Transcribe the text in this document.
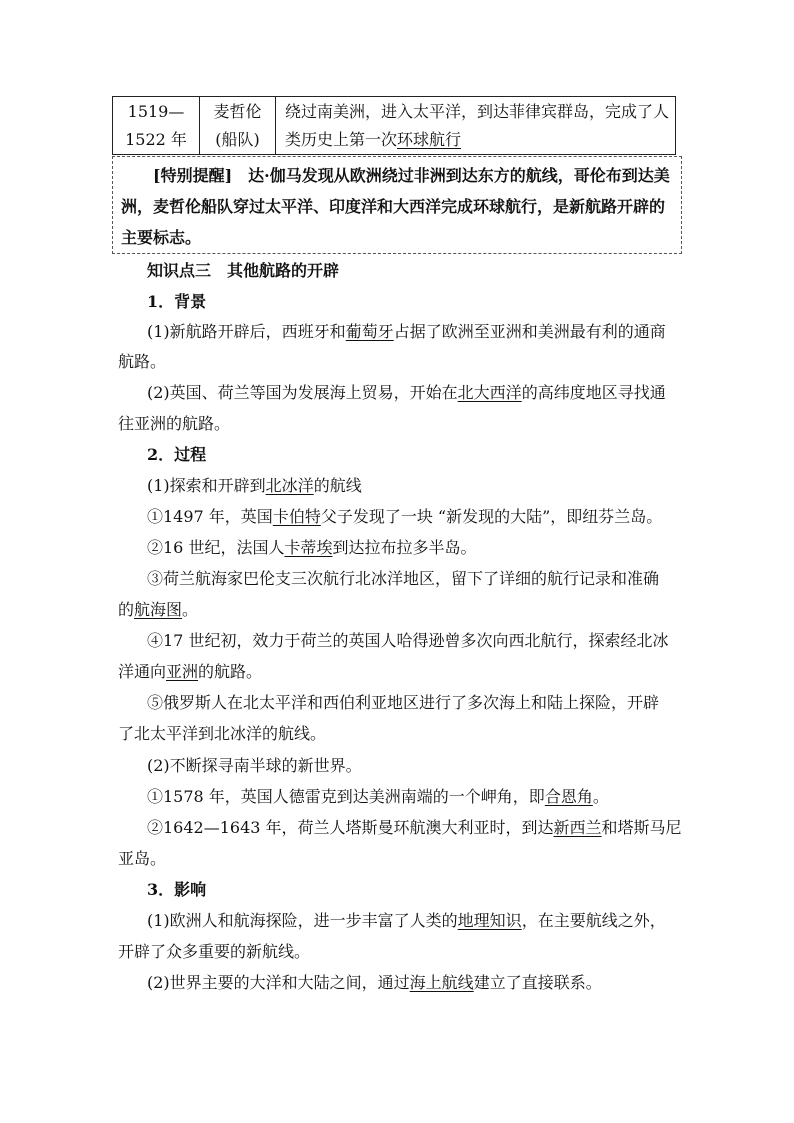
1519—
1522 年
麦哲伦
(船队)
绕过南美洲，进入太平洋，到达菲律宾群岛，完成了人
类历史上第一次环球航行
[特别提醒]  达·伽马发现从欧洲绕过非洲到达东方的航线，哥伦布到达美
洲，麦哲伦船队穿过太平洋、印度洋和大西洋完成环球航行，是新航路开辟的
主要标志。
知识点三　其他航路的开辟
1．背景
(1)新航路开辟后，西班牙和葡萄牙占据了欧洲至亚洲和美洲最有利的通商
航路。
(2)英国、荷兰等国为发展海上贸易，开始在北大西洋的高纬度地区寻找通
往亚洲的航路。
2．过程
(1)探索和开辟到北冰洋的航线
①1497 年，英国卡伯特父子发现了一块 “新发现的大陆”，即纽芬兰岛。
②16 世纪，法国人卡蒂埃到达拉布拉多半岛。
③荷兰航海家巴伦支三次航行北冰洋地区，留下了详细的航行记录和准确
的航海图。
④17 世纪初，效力于荷兰的英国人哈得逊曾多次向西北航行，探索经北冰
洋通向亚洲的航路。
⑤俄罗斯人在北太平洋和西伯利亚地区进行了多次海上和陆上探险，开辟
了北太平洋到北冰洋的航线。
(2)不断探寻南半球的新世界。
①1578 年，英国人德雷克到达美洲南端的一个岬角，即合恩角。
②1642—1643 年，荷兰人塔斯曼环航澳大利亚时，到达新西兰和塔斯马尼
亚岛。
3．影响
(1)欧洲人和航海探险，进一步丰富了人类的地理知识，在主要航线之外，
开辟了众多重要的新航线。
(2)世界主要的大洋和大陆之间，通过海上航线建立了直接联系。
